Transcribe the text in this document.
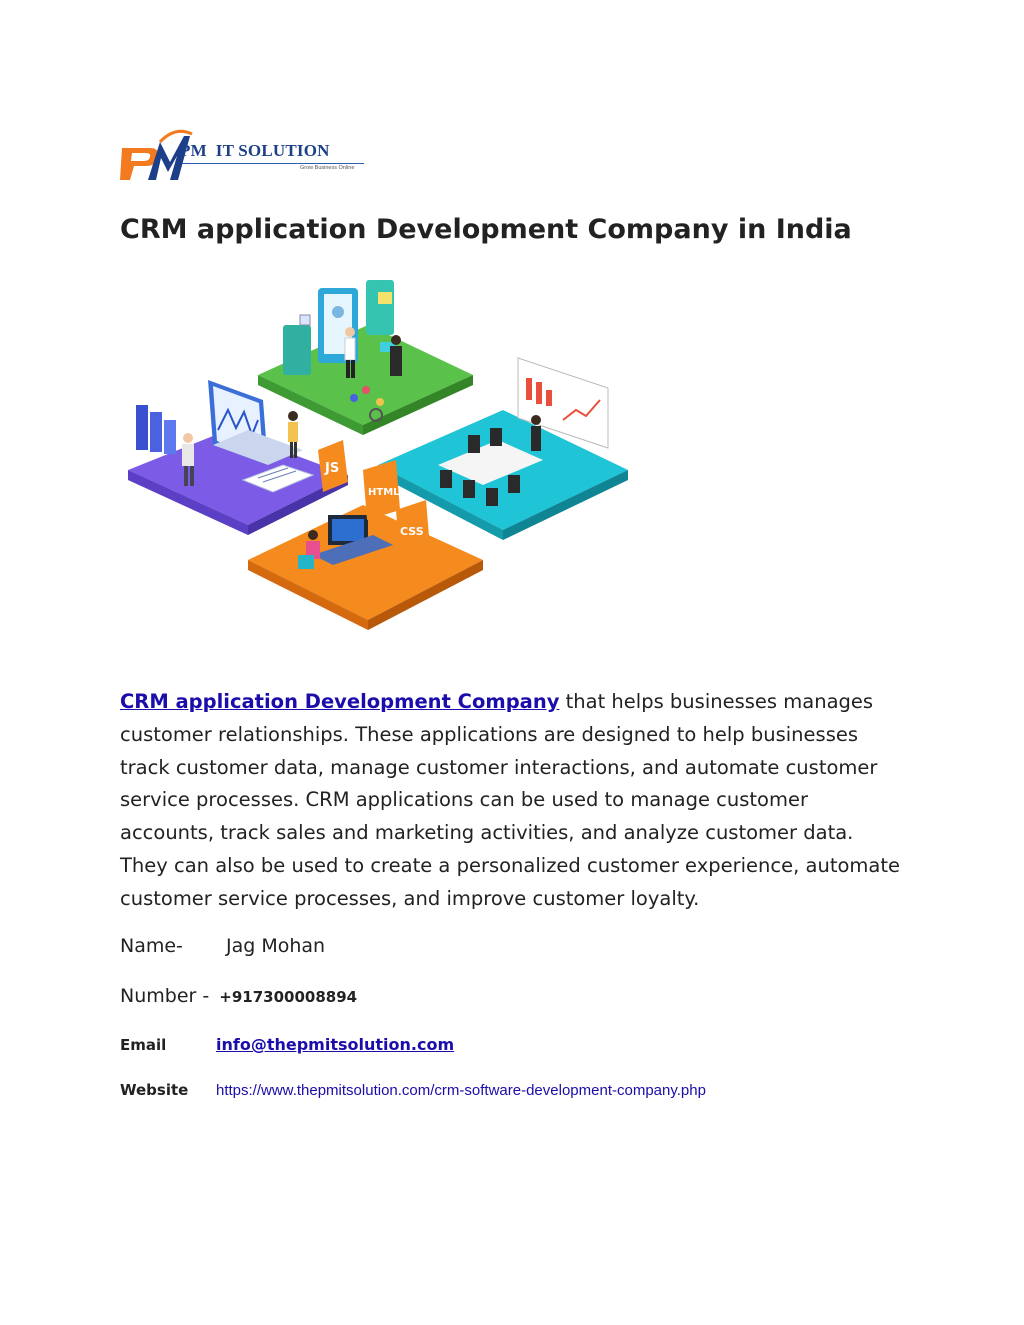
PM IT SOLUTION
Grow Business Online
CRM application Development Company in India
JS
HTML
CSS

CRM application Development Company that helps businesses manages customer relationships. These applications are designed to help businesses track customer data, manage customer interactions, and automate customer service processes. CRM applications can be used to manage customer accounts, track sales and marketing activities, and analyze customer data. They can also be used to create a personalized customer experience, automate customer service processes, and improve customer loyalty.

Name- Jag Mohan
Number - +917300008894
Email	info@thepmitsolution.com
Website https://www.thepmitsolution.com/crm-software-development-company.php
